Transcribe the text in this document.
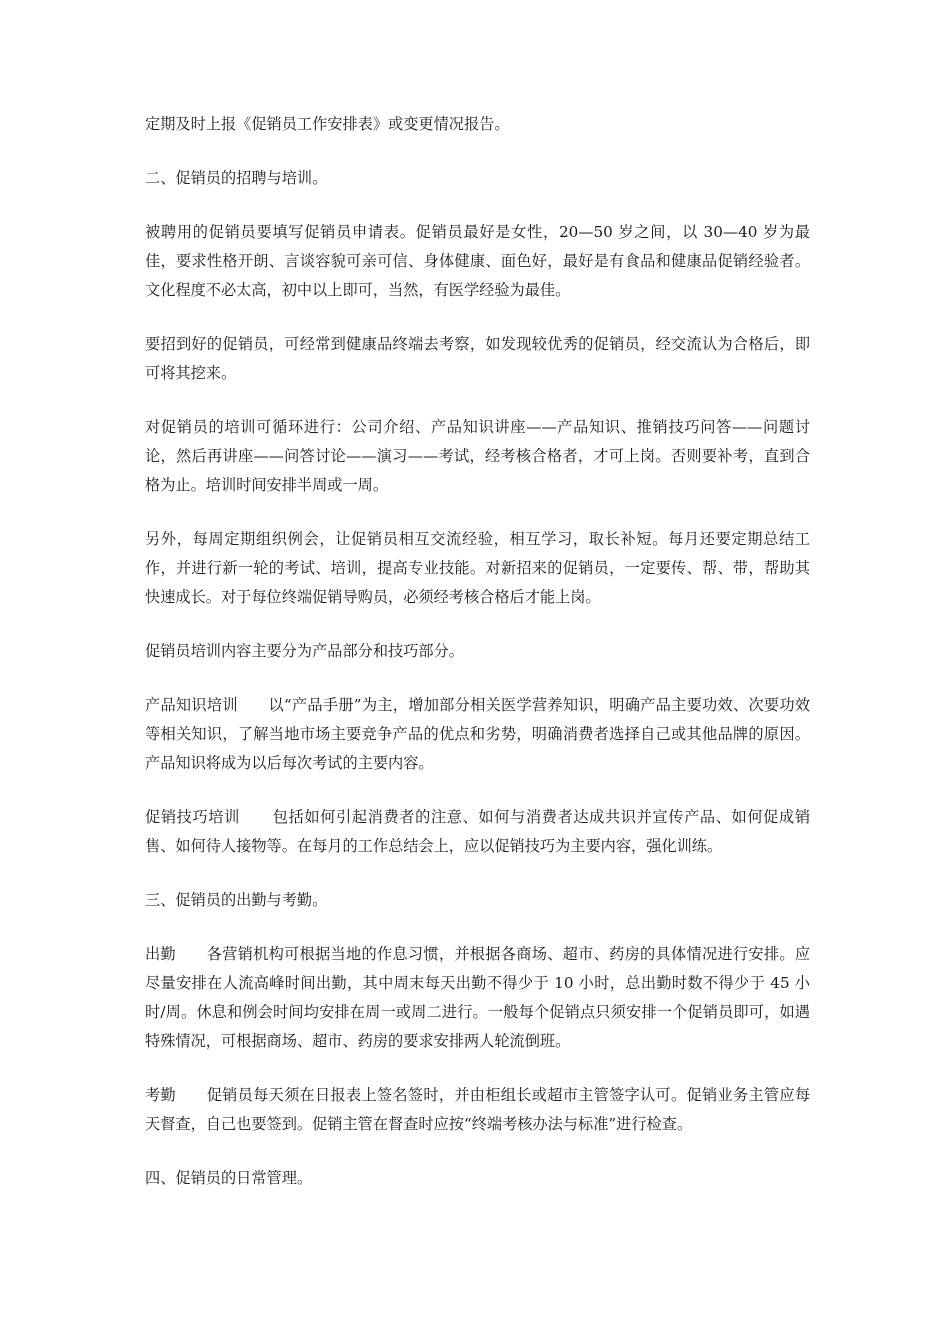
定期及时上报《促销员工作安排表》或变更情况报告。

二、促销员的招聘与培训。

被聘用的促销员要填写促销员申请表。促销员最好是女性，20—50 岁之间，以 30—40 岁为最佳，要求性格开朗、言谈容貌可亲可信、身体健康、面色好，最好是有食品和健康品促销经验者。文化程度不必太高，初中以上即可，当然，有医学经验为最佳。

要招到好的促销员，可经常到健康品终端去考察，如发现较优秀的促销员，经交流认为合格后，即可将其挖来。

对促销员的培训可循环进行：公司介绍、产品知识讲座——产品知识、推销技巧问答——问题讨论，然后再讲座——问答讨论——演习——考试，经考核合格者，才可上岗。否则要补考，直到合格为止。培训时间安排半周或一周。

另外，每周定期组织例会，让促销员相互交流经验，相互学习，取长补短。每月还要定期总结工作，并进行新一轮的考试、培训，提高专业技能。对新招来的促销员，一定要传、帮、带，帮助其快速成长。对于每位终端促销导购员，必须经考核合格后才能上岗。

促销员培训内容主要分为产品部分和技巧部分。

产品知识培训 以“产品手册”为主，增加部分相关医学营养知识，明确产品主要功效、次要功效等相关知识，了解当地市场主要竞争产品的优点和劣势，明确消费者选择自己或其他品牌的原因。产品知识将成为以后每次考试的主要内容。

促销技巧培训 包括如何引起消费者的注意、如何与消费者达成共识并宣传产品、如何促成销售、如何待人接物等。在每月的工作总结会上，应以促销技巧为主要内容，强化训练。

三、促销员的出勤与考勤。

出勤 各营销机构可根据当地的作息习惯，并根据各商场、超市、药房的具体情况进行安排。应尽量安排在人流高峰时间出勤，其中周末每天出勤不得少于 10 小时，总出勤时数不得少于 45 小时/周。休息和例会时间均安排在周一或周二进行。一般每个促销点只须安排一个促销员即可，如遇特殊情况，可根据商场、超市、药房的要求安排两人轮流倒班。

考勤 促销员每天须在日报表上签名签时，并由柜组长或超市主管签字认可。促销业务主管应每天督查，自己也要签到。促销主管在督查时应按“终端考核办法与标准”进行检查。

四、促销员的日常管理。
